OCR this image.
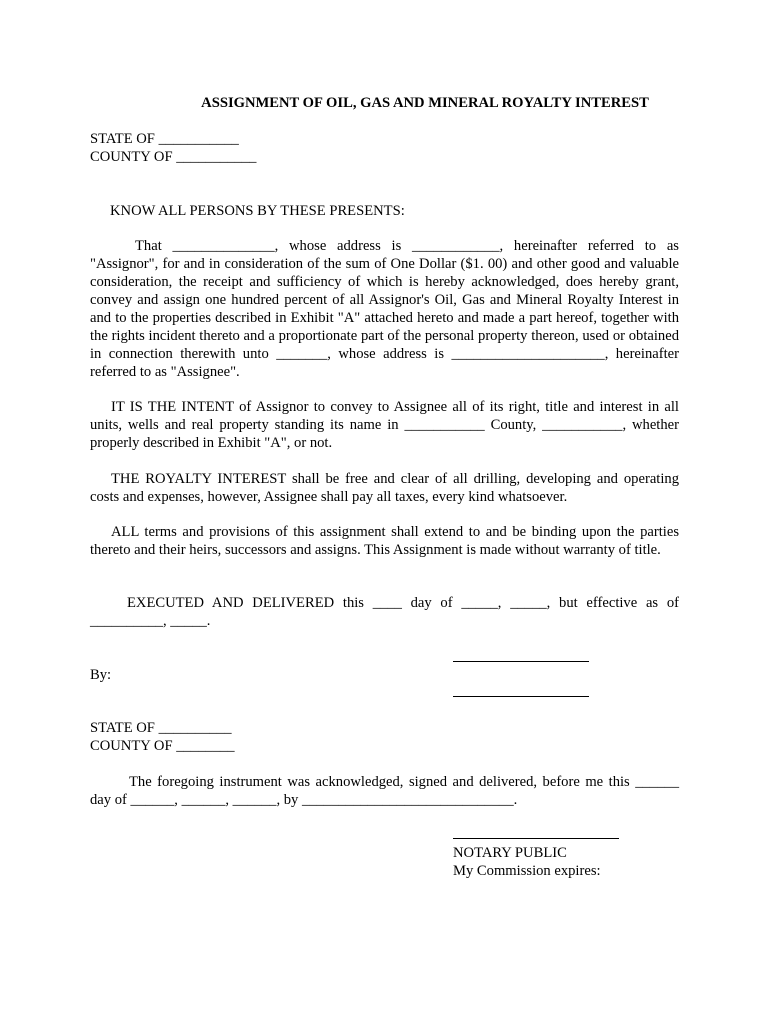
ASSIGNMENT OF OIL, GAS AND MINERAL ROYALTY INTEREST
STATE OF ___________
COUNTY OF ___________
KNOW ALL PERSONS BY THESE PRESENTS:
That ______________, whose address is ____________, hereinafter referred to as "Assignor", for and in consideration of the sum of One Dollar ($1. 00) and other good and valuable consideration, the receipt and sufficiency of which is hereby acknowledged, does hereby grant, convey and assign one hundred percent of all Assignor's Oil, Gas and Mineral Royalty Interest in and to the properties described in Exhibit "A" attached hereto and made a part hereof, together with the rights incident thereto and a proportionate part of the personal property thereon, used or obtained in connection therewith unto _______, whose address is _____________________, hereinafter referred to as "Assignee".
IT IS THE INTENT of Assignor to convey to Assignee all of its right, title and interest in all units, wells and real property standing its name in ___________ County, ___________, whether properly described in Exhibit "A", or not.
THE ROYALTY INTEREST shall be free and clear of all drilling, developing and operating costs and expenses, however, Assignee shall pay all taxes, every kind whatsoever.
ALL terms and provisions of this assignment shall extend to and be binding upon the parties thereto and their heirs, successors and assigns. This Assignment is made without warranty of title.
EXECUTED AND DELIVERED this ____ day of _____, _____, but effective as of __________, _____.
By:
STATE OF __________
COUNTY OF ________
The foregoing instrument was acknowledged, signed and delivered, before me this ______ day of ______, ______, ______, by _____________________________.
NOTARY PUBLIC
My Commission expires:
